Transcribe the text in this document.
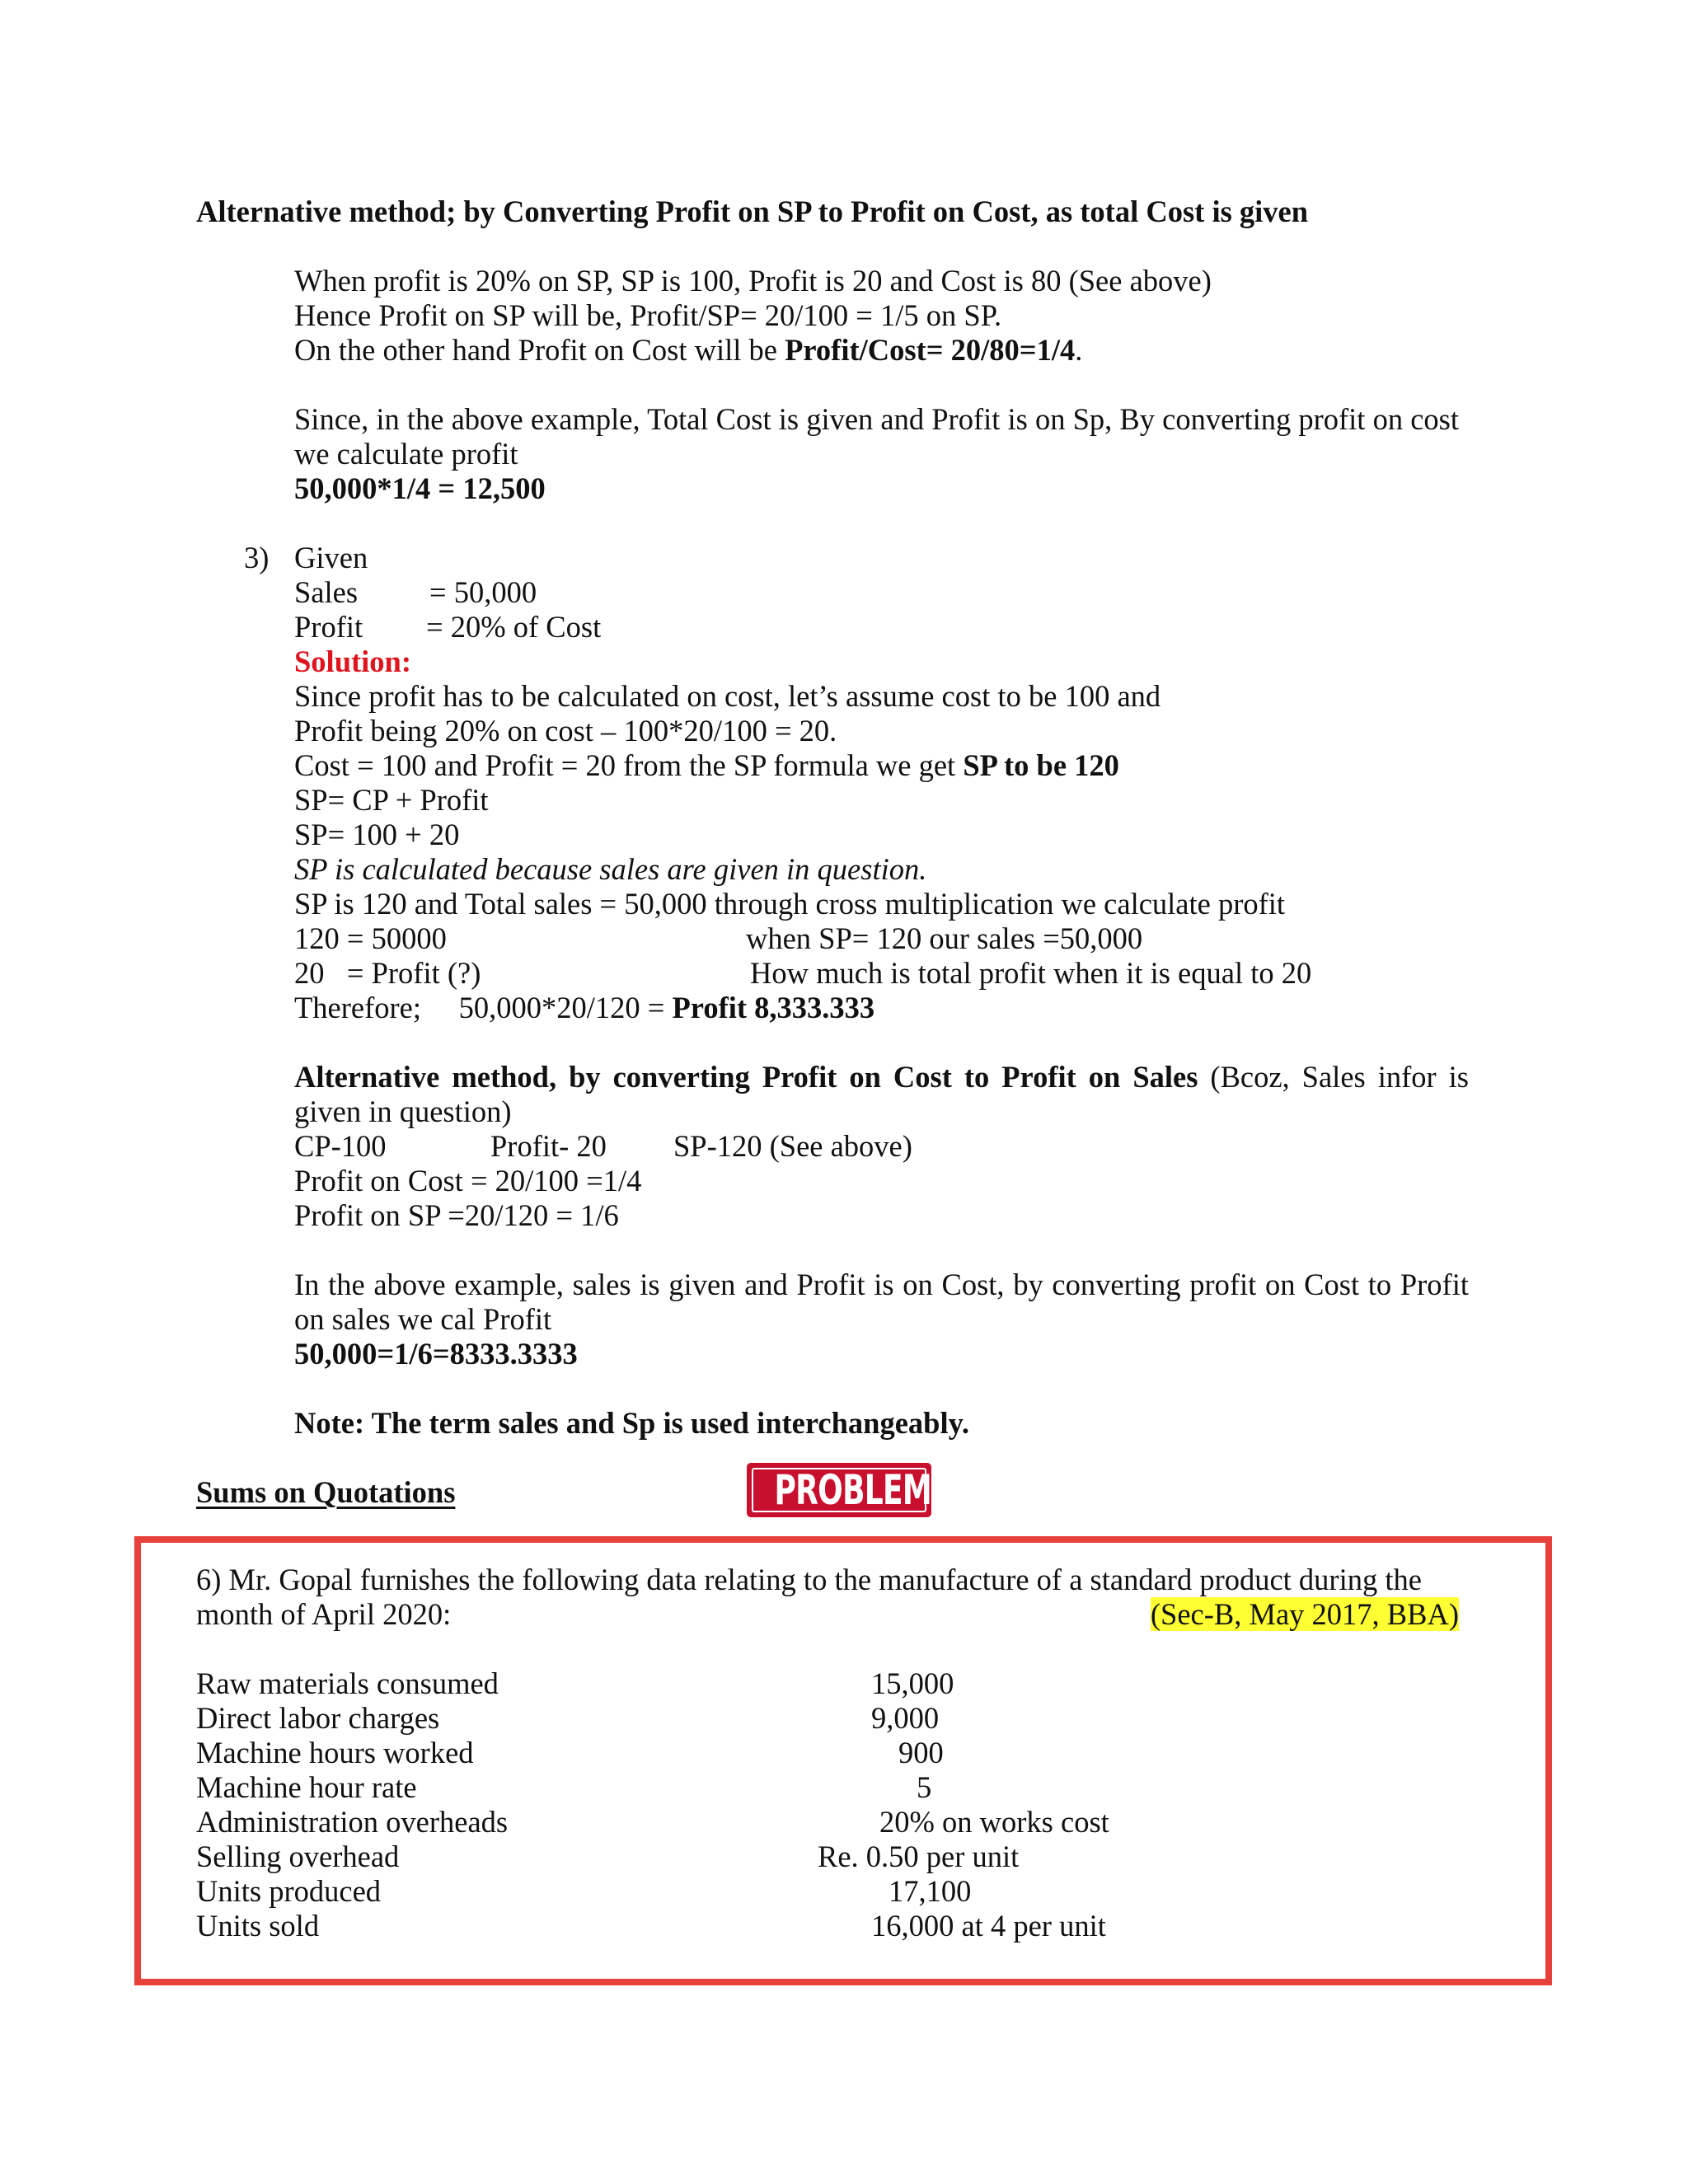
Alternative method; by Converting Profit on SP to Profit on Cost, as total Cost is given
When profit is 20% on SP, SP is 100, Profit is 20 and Cost is 80 (See above)
Hence Profit on SP will be, Profit/SP= 20/100 = 1/5 on SP.
On the other hand Profit on Cost will be Profit/Cost= 20/80=1/4.
Since, in the above example, Total Cost is given and Profit is on Sp, By converting profit on cost
we calculate profit
50,000*1/4 = 12,500
3) Given
Sales = 50,000
Profit = 20% of Cost
Solution:
Since profit has to be calculated on cost, let’s assume cost to be 100 and
Profit being 20% on cost – 100*20/100 = 20.
Cost = 100 and Profit = 20 from the SP formula we get SP to be 120
SP= CP + Profit
SP= 100 + 20
SP is calculated because sales are given in question.
SP is 120 and Total sales = 50,000 through cross multiplication we calculate profit
120 = 50000	when SP= 120 our sales =50,000
20   = Profit (?)	How much is total profit when it is equal to 20
Therefore;     50,000*20/120 = Profit 8,333.333
Alternative method, by converting Profit on Cost to Profit on Sales (Bcoz, Sales infor is
given in question)
CP-100	Profit- 20 SP-120 (See above)
Profit on Cost = 20/100 =1/4
Profit on SP =20/120 = 1/6
In the above example, sales is given and Profit is on Cost, by converting profit on Cost to Profit
on sales we cal Profit
50,000=1/6=8333.3333
Note: The term sales and Sp is used interchangeably.
Sums on Quotations	PROBLEM
6) Mr. Gopal furnishes the following data relating to the manufacture of a standard product during the
month of April 2020:	(Sec-B, May 2017, BBA)
Raw materials consumed	15,000
Direct labor charges	9,000
Machine hours worked	900
Machine hour rate	5
Administration overheads	20% on works cost
Selling overhead	Re. 0.50 per unit
Units produced	17,100
Units sold	16,000 at 4 per unit
